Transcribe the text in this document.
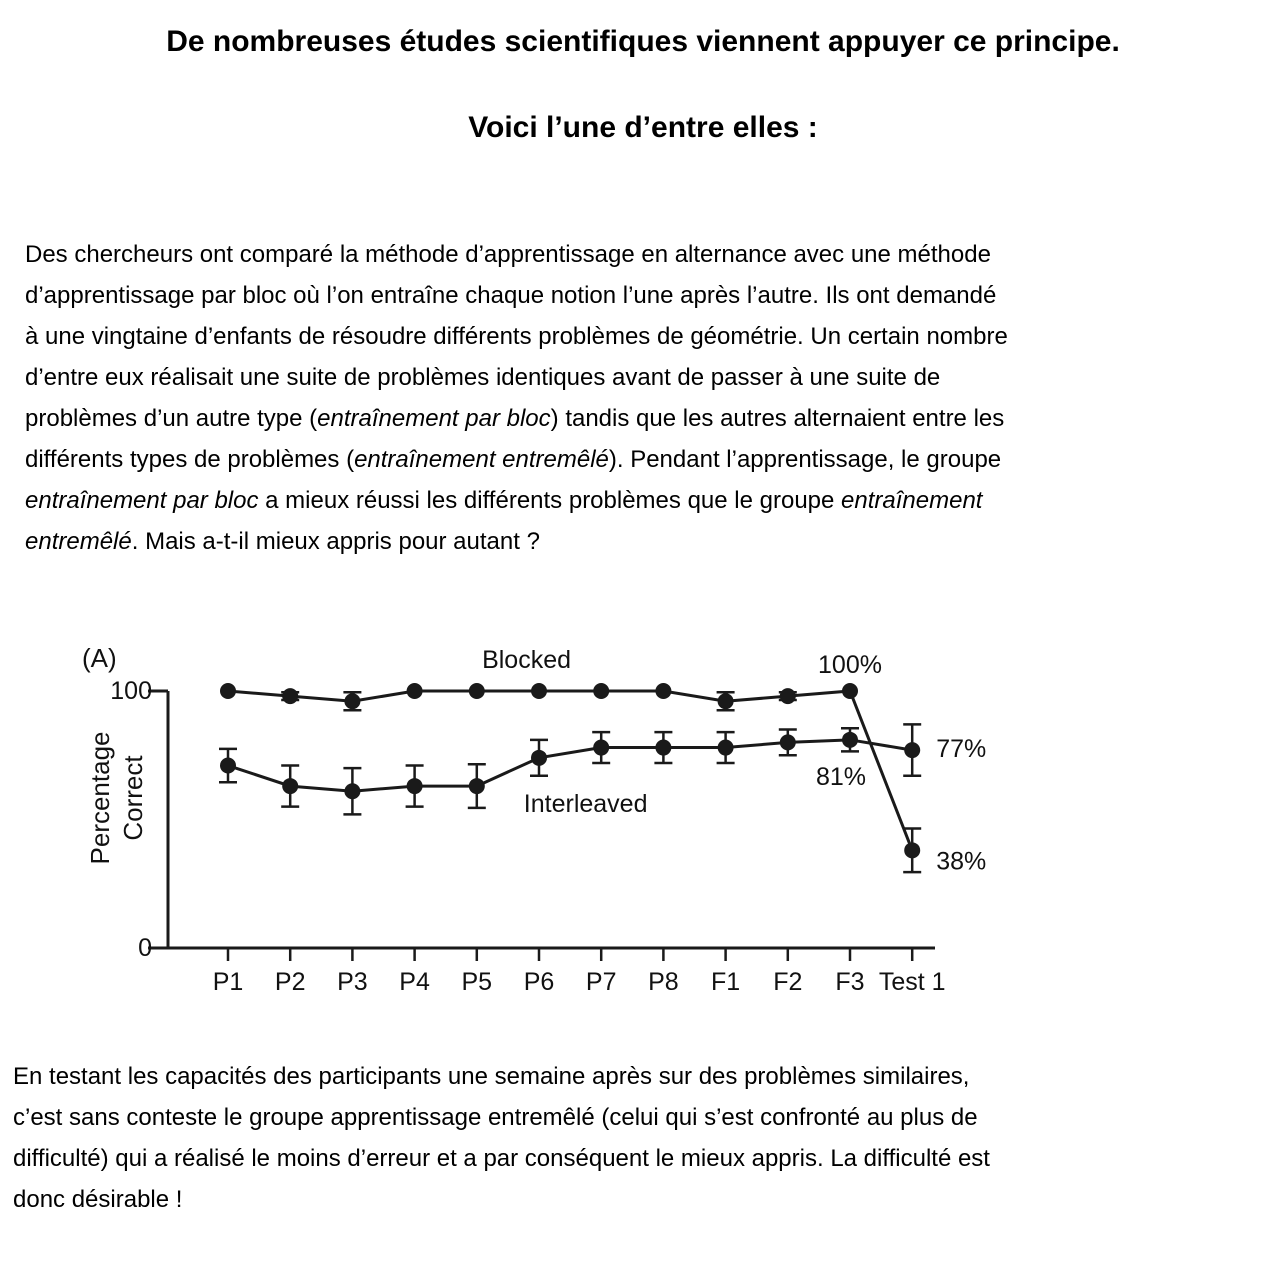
De nombreuses études scientifiques viennent appuyer ce principe.
Voici l’une d’entre elles :
Des chercheurs ont comparé la méthode d’apprentissage en alternance avec une méthode
d’apprentissage par bloc où l’on entraîne chaque notion l’une après l’autre. Ils ont demandé
à une vingtaine d’enfants de résoudre différents problèmes de géométrie. Un certain nombre
d’entre eux réalisait une suite de problèmes identiques avant de passer à une suite de
problèmes d’un autre type (entraînement par bloc) tandis que les autres alternaient entre les
différents types de problèmes (entraînement entremêlé). Pendant l’apprentissage, le groupe
entraînement par bloc a mieux réussi les différents problèmes que le groupe entraînement
entremêlé. Mais a-t-il mieux appris pour autant ?
100
0
P1 P2 P3 P4 P5 P6 P7 P8 F1 F2 F3 Test 1
Percentage Correct
(A)	Blocked	100%
38%
Interleaved
81%
77%
En testant les capacités des participants une semaine après sur des problèmes similaires,
c’est sans conteste le groupe apprentissage entremêlé (celui qui s’est confronté au plus de
difficulté) qui a réalisé le moins d’erreur et a par conséquent le mieux appris. La difficulté est
donc désirable !
